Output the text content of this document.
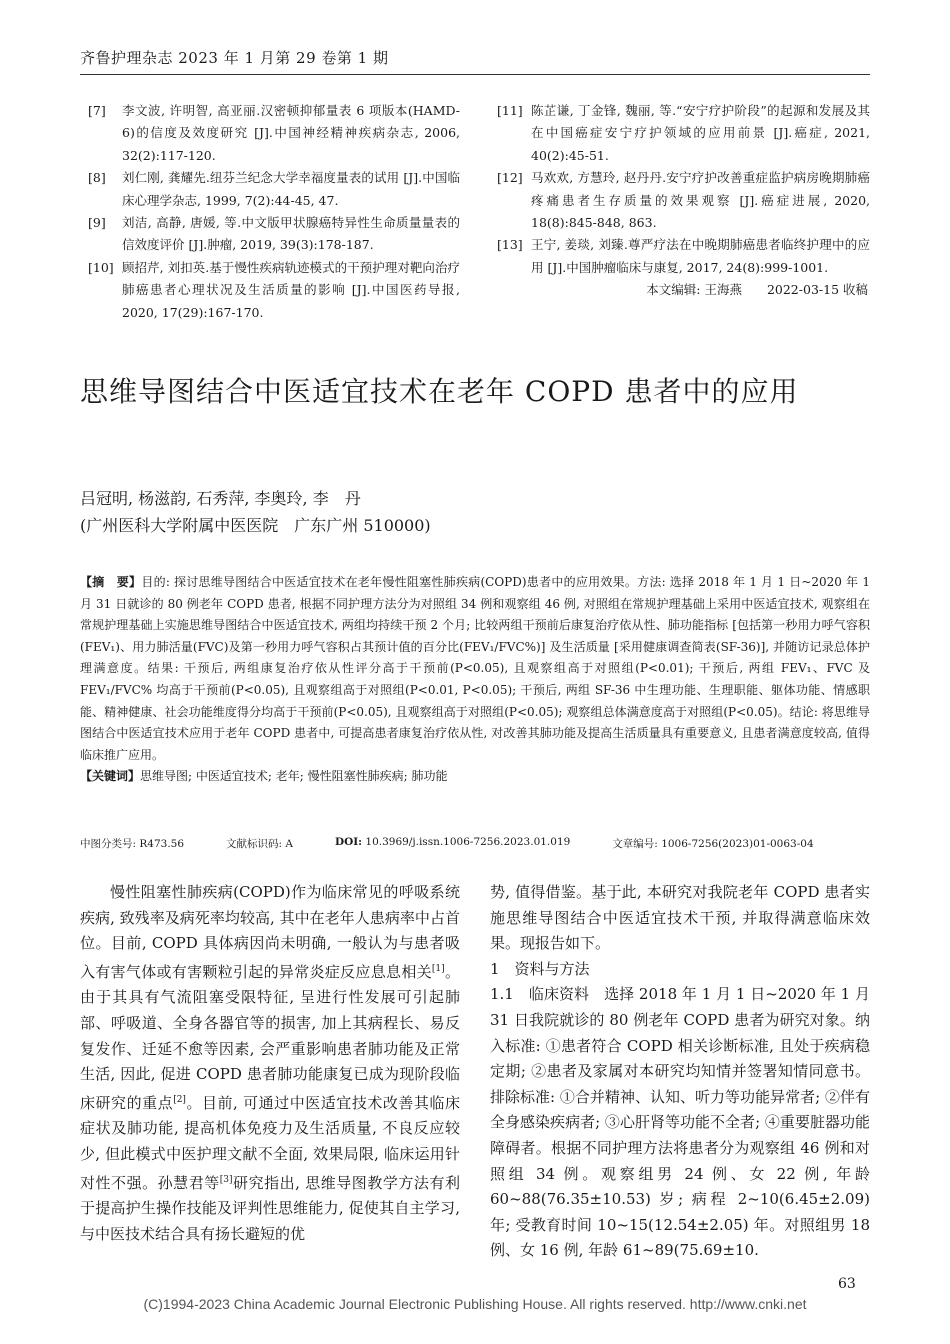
齐鲁护理杂志 2023 年 1 月第 29 卷第 1 期
[7]	李文波, 许明智, 高亚丽.汉密顿抑郁量表 6 项版本(HAMD-6)的信度及效度研究 [J].中国神经精神疾病杂志, 2006, 32(2):117-120.
[8]	刘仁刚, 龚耀先.纽芬兰纪念大学幸福度量表的试用 [J].中国临床心理学杂志, 1999, 7(2):44-45, 47.
[9]	刘洁, 高静, 唐媛, 等.中文版甲状腺癌特异性生命质量量表的信效度评价 [J].肿瘤, 2019, 39(3):178-187.
[10] 顾招芹, 刘扣英.基于慢性疾病轨迹模式的干预护理对靶向治疗肺癌患者心理状况及生活质量的影响 [J].中国医药导报, 2020, 17(29):167-170.
[11] 陈芷谦, 丁金锋, 魏丽, 等.“安宁疗护阶段”的起源和发展及其在中国癌症安宁疗护领域的应用前景 [J].癌症, 2021, 40(2):45-51.
[12] 马欢欢, 方慧玲, 赵丹丹.安宁疗护改善重症监护病房晚期肺癌疼痛患者生存质量的效果观察 [J].癌症进展, 2020, 18(8):845-848, 863.
[13] 王宁, 姜琰, 刘臻.尊严疗法在中晚期肺癌患者临终护理中的应用 [J].中国肿瘤临床与康复, 2017, 24(8):999-1001.
本文编辑: 王海燕　　2022-03-15 收稿
思维导图结合中医适宜技术在老年 COPD 患者中的应用
吕冠明, 杨滋韵, 石秀萍, 李奥玲, 李　丹
(广州医科大学附属中医医院　广东广州 510000)

【摘　要】目的: 探讨思维导图结合中医适宜技术在老年慢性阻塞性肺疾病(COPD)患者中的应用效果。方法: 选择 2018 年 1 月 1 日~2020 年 1 月 31 日就诊的 80 例老年 COPD 患者, 根据不同护理方法分为对照组 34 例和观察组 46 例, 对照组在常规护理基础上采用中医适宜技术, 观察组在常规护理基础上实施思维导图结合中医适宜技术, 两组均持续干预 2 个月; 比较两组干预前后康复治疗依从性、肺功能指标 [包括第一秒用力呼气容积(FEV₁)、用力肺活量(FVC)及第一秒用力呼气容积占其预计值的百分比(FEV₁/FVC%)] 及生活质量 [采用健康调查简表(SF-36)], 并随访记录总体护理满意度。结果: 干预后, 两组康复治疗依从性评分高于干预前(P<0.05), 且观察组高于对照组(P<0.01); 干预后, 两组 FEV₁、FVC 及 FEV₁/FVC% 均高于干预前(P<0.05), 且观察组高于对照组(P<0.01, P<0.05); 干预后, 两组 SF-36 中生理功能、生理职能、躯体功能、情感职能、精神健康、社会功能维度得分均高于干预前(P<0.05), 且观察组高于对照组(P<0.05); 观察组总体满意度高于对照组(P<0.05)。结论: 将思维导图结合中医适宜技术应用于老年 COPD 患者中, 可提高患者康复治疗依从性, 对改善其肺功能及提高生活质量具有重要意义, 且患者满意度较高, 值得临床推广应用。

【关键词】思维导图; 中医适宜技术; 老年; 慢性阻塞性肺疾病; 肺功能

中图分类号: R473.56	文献标识码: A	DOI: 10.3969/j.issn.1006-7256.2023.01.019	文章编号: 1006-7256(2023)01-0063-04

慢性阻塞性肺疾病(COPD)作为临床常见的呼吸系统疾病, 致残率及病死率均较高, 其中在老年人患病率中占首位。目前, COPD 具体病因尚未明确, 一般认为与患者吸入有害气体或有害颗粒引起的异常炎症反应息息相关[1]。由于其具有气流阻塞受限特征, 呈进行性发展可引起肺部、呼吸道、全身各器官等的损害, 加上其病程长、易反复发作、迁延不愈等因素, 会严重影响患者肺功能及正常生活, 因此, 促进 COPD 患者肺功能康复已成为现阶段临床研究的重点[2]。目前, 可通过中医适宜技术改善其临床症状及肺功能, 提高机体免疫力及生活质量, 不良反应较少, 但此模式中医护理文献不全面, 效果局限, 临床运用针对性不强。孙慧君等[3]研究指出, 思维导图教学方法有利于提高护生操作技能及评判性思维能力, 促使其自主学习, 与中医技术结合具有扬长避短的优

势, 值得借鉴。基于此, 本研究对我院老年 COPD 患者实施思维导图结合中医适宜技术干预, 并取得满意临床效果。现报告如下。

1　资料与方法

1.1　临床资料　 选择 2018 年 1 月 1 日~2020 年 1 月 31 日我院就诊的 80 例老年 COPD 患者为研究对象。纳入标准: ①患者符合 COPD 相关诊断标准, 且处于疾病稳定期; ②患者及家属对本研究均知情并签署知情同意书。排除标准: ①合并精神、认知、听力等功能异常者; ②伴有全身感染疾病者; ③心肝肾等功能不全者; ④重要脏器功能障碍者。根据不同护理方法将患者分为观察组 46 例和对照组 34 例。观察组男 24 例、女 22 例, 年龄 60~88(76.35±10.53) 岁; 病程 2~10(6.45±2.09) 年; 受教育时间 10~15(12.54±2.05) 年。对照组男 18 例、女 16 例, 年龄 61~89(75.69±10.

63
(C)1994-2023 China Academic Journal Electronic Publishing House. All rights reserved. http://www.cnki.net
